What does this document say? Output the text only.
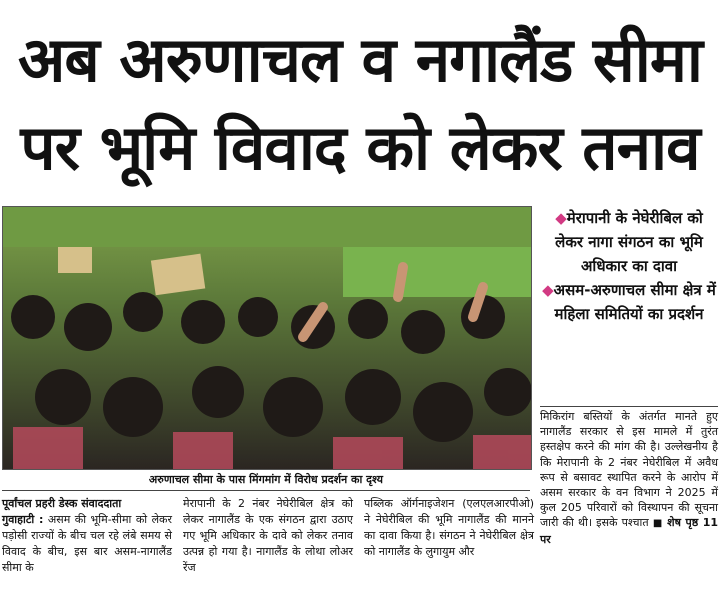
अब अरुणाचल व नगालैंड सीमा
पर भूमि विवाद को लेकर तनाव
अरुणाचल सीमा के पास मिंगमांग में विरोध प्रदर्शन का दृश्य
◆मेरापानी के नेघेरीबिल को लेकर नागा संगठन का भूमि अधिकार का दावा
◆असम-अरुणाचल सीमा क्षेत्र में महिला समितियों का प्रदर्शन
मिकिरांग बस्तियों के अंतर्गत मानते हुए नागालैंड सरकार से इस मामले में तुरंत हस्तक्षेप करने की मांग की है। उल्लेखनीय है कि मेरापानी के 2 नंबर नेघेरीबिल में अवैध रूप से बसावट स्थापित करने के आरोप में असम सरकार के वन विभाग ने 2025 में कुल 205 परिवारों को विस्थापन की सूचना जारी की थी। इसके पश्चात ■ शेष पृष्ठ 11 पर
पूर्वांचल प्रहरी डेस्क संवाददाता
गुवाहाटी : असम की भूमि-सीमा को लेकर पड़ोसी राज्यों के बीच चल रहे लंबे समय से विवाद के बीच, इस बार असम-नागालैंड सीमा के
मेरापानी के 2 नंबर नेघेरीबिल क्षेत्र को लेकर नागालैंड के एक संगठन द्वारा उठाए गए भूमि अधिकार के दावे को लेकर तनाव उत्पन्न हो गया है। नागालैंड के लोथा लोअर रेंज
पब्लिक ऑर्गनाइजेशन (एलएलआरपीओ) ने नेघेरीबिल की भूमि नागालैंड की मानने का दावा किया है। संगठन ने नेघेरीबिल क्षेत्र को नागालैंड के लुगायुम और
